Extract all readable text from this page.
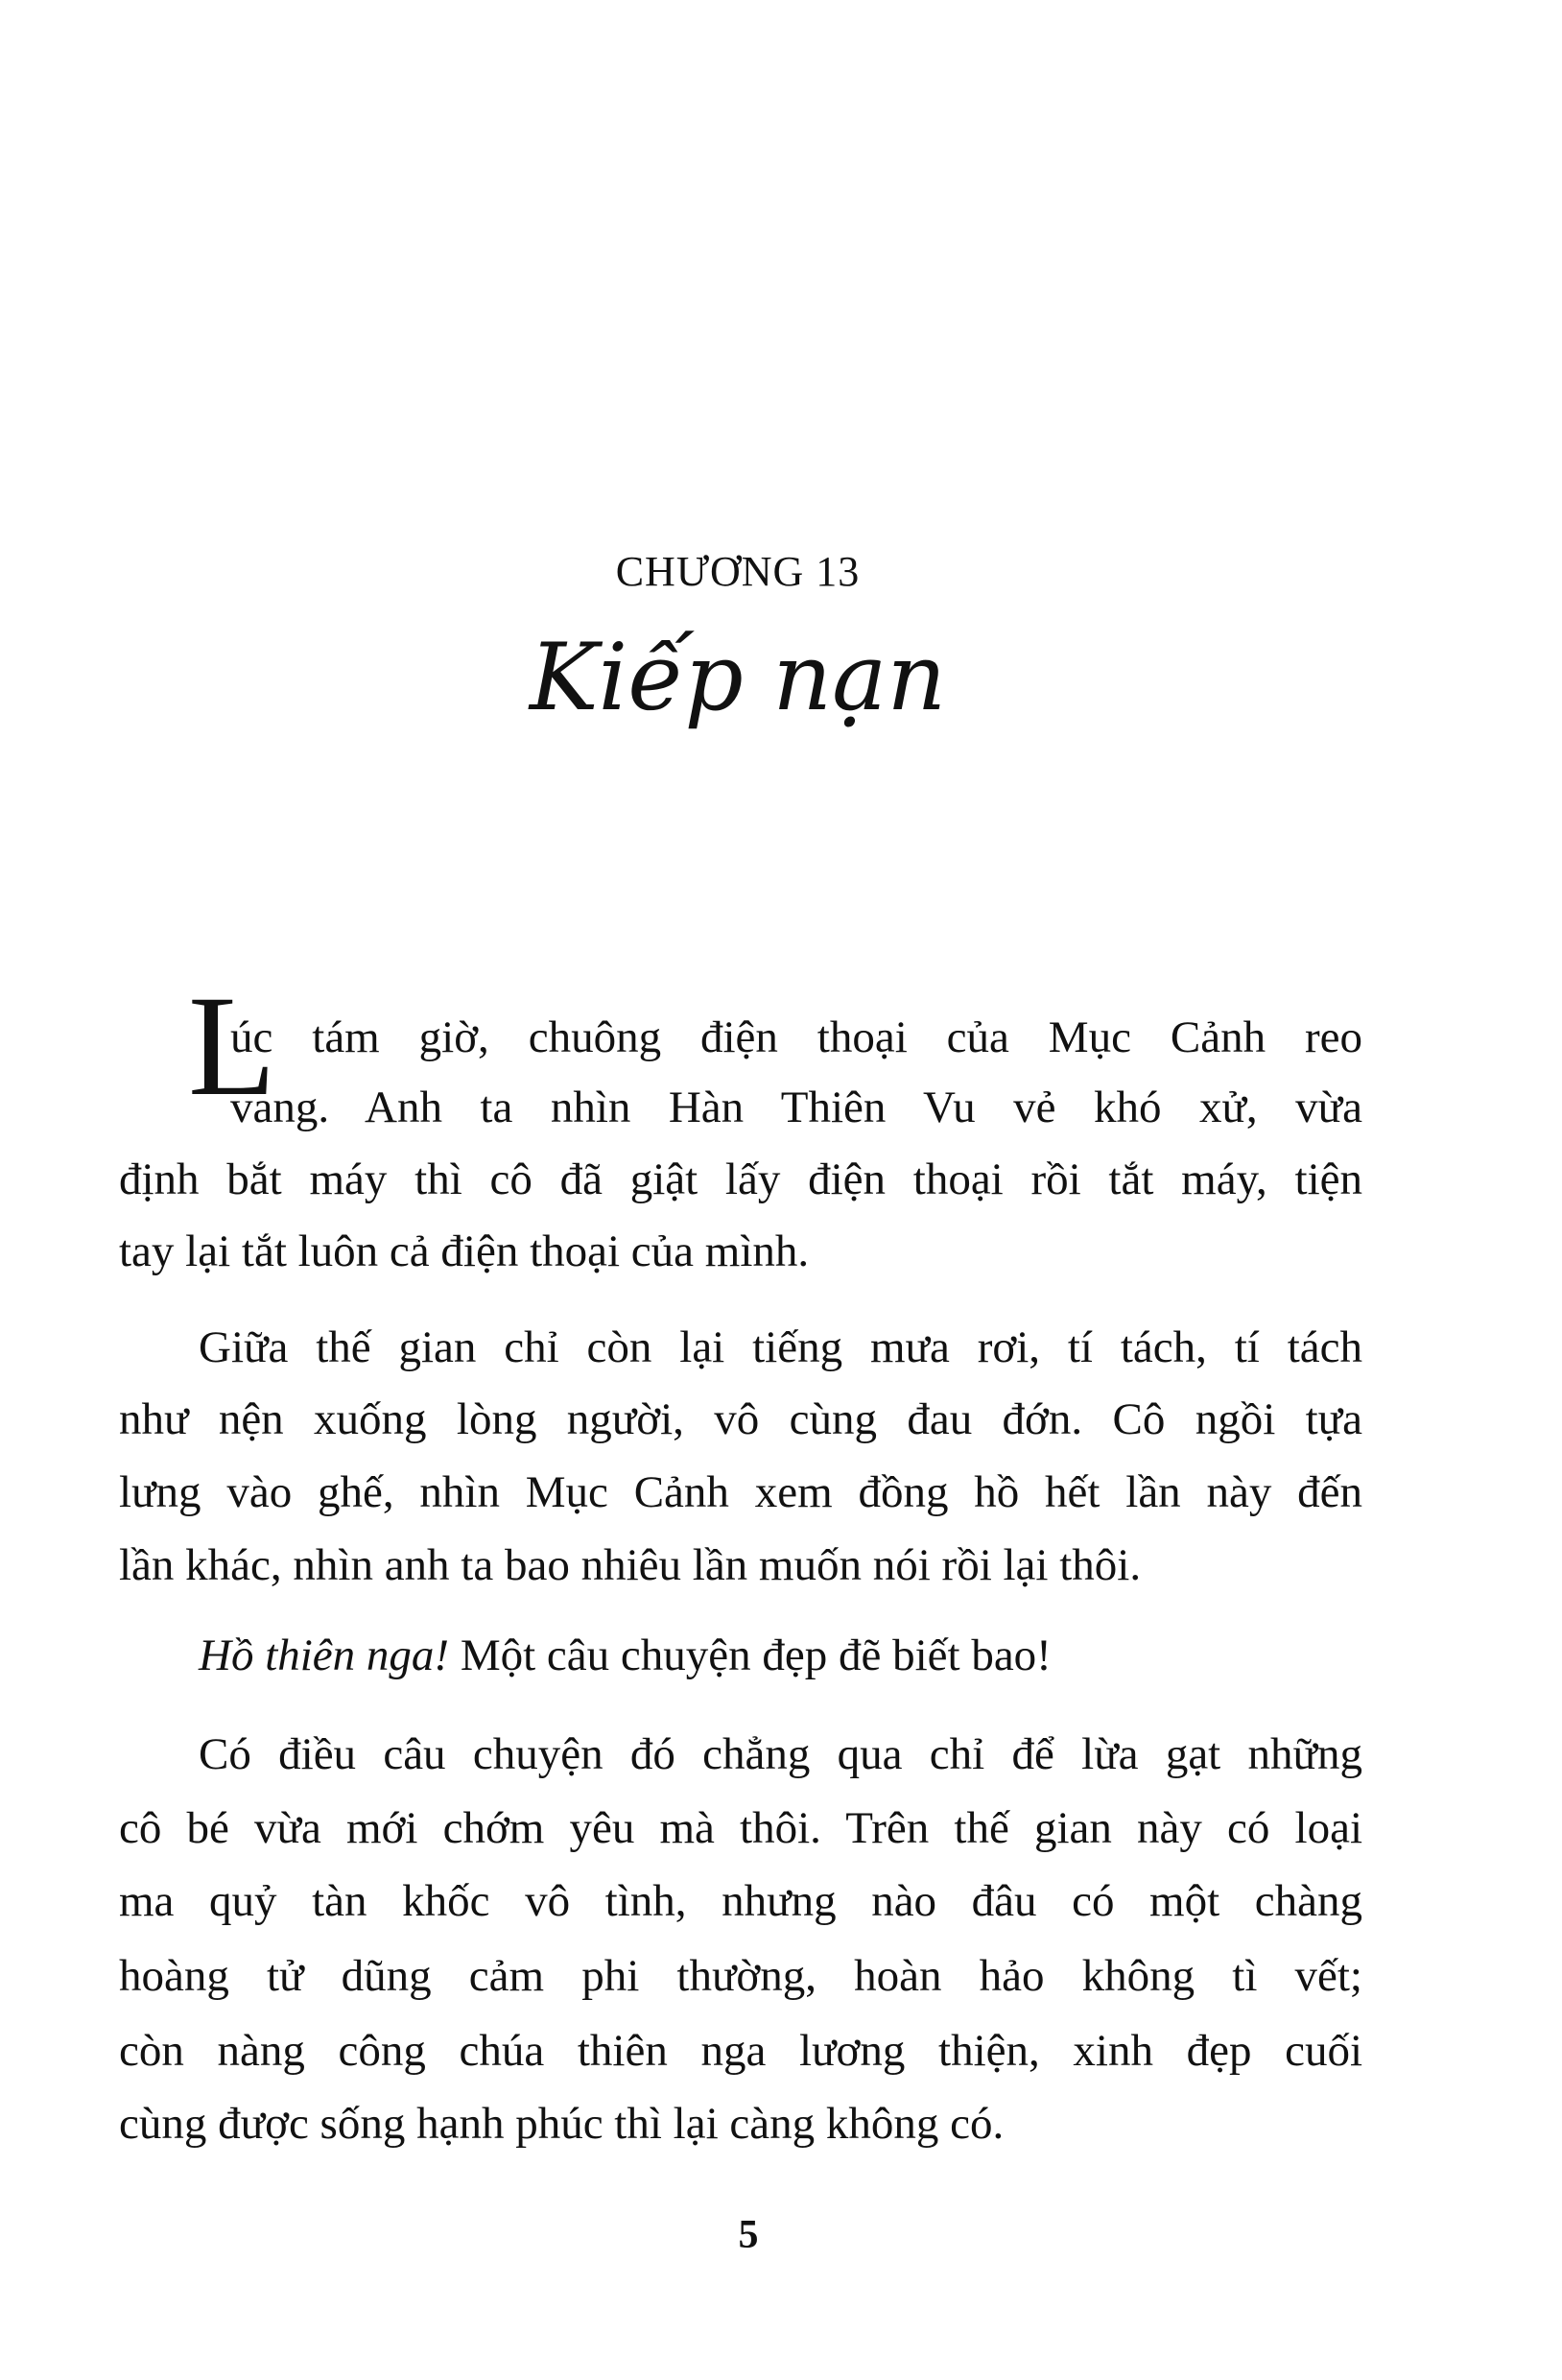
CHƯƠNG 13
Kiếp nạn
L
úc tám giờ, chuông điện thoại của Mục Cảnh reo
vang. Anh ta nhìn Hàn Thiên Vu vẻ khó xử, vừa
định bắt máy thì cô đã giật lấy điện thoại rồi tắt máy, tiện
tay lại tắt luôn cả điện thoại của mình.
Giữa thế gian chỉ còn lại tiếng mưa rơi, tí tách, tí tách
như nện xuống lòng người, vô cùng đau đớn. Cô ngồi tựa
lưng vào ghế, nhìn Mục Cảnh xem đồng hồ hết lần này đến
lần khác, nhìn anh ta bao nhiêu lần muốn nói rồi lại thôi.
Hồ thiên nga! Một câu chuyện đẹp đẽ biết bao!
Có điều câu chuyện đó chẳng qua chỉ để lừa gạt những
cô bé vừa mới chớm yêu mà thôi. Trên thế gian này có loại
ma quỷ tàn khốc vô tình, nhưng nào đâu có một chàng
hoàng tử dũng cảm phi thường, hoàn hảo không tì vết;
còn nàng công chúa thiên nga lương thiện, xinh đẹp cuối
cùng được sống hạnh phúc thì lại càng không có.
5
